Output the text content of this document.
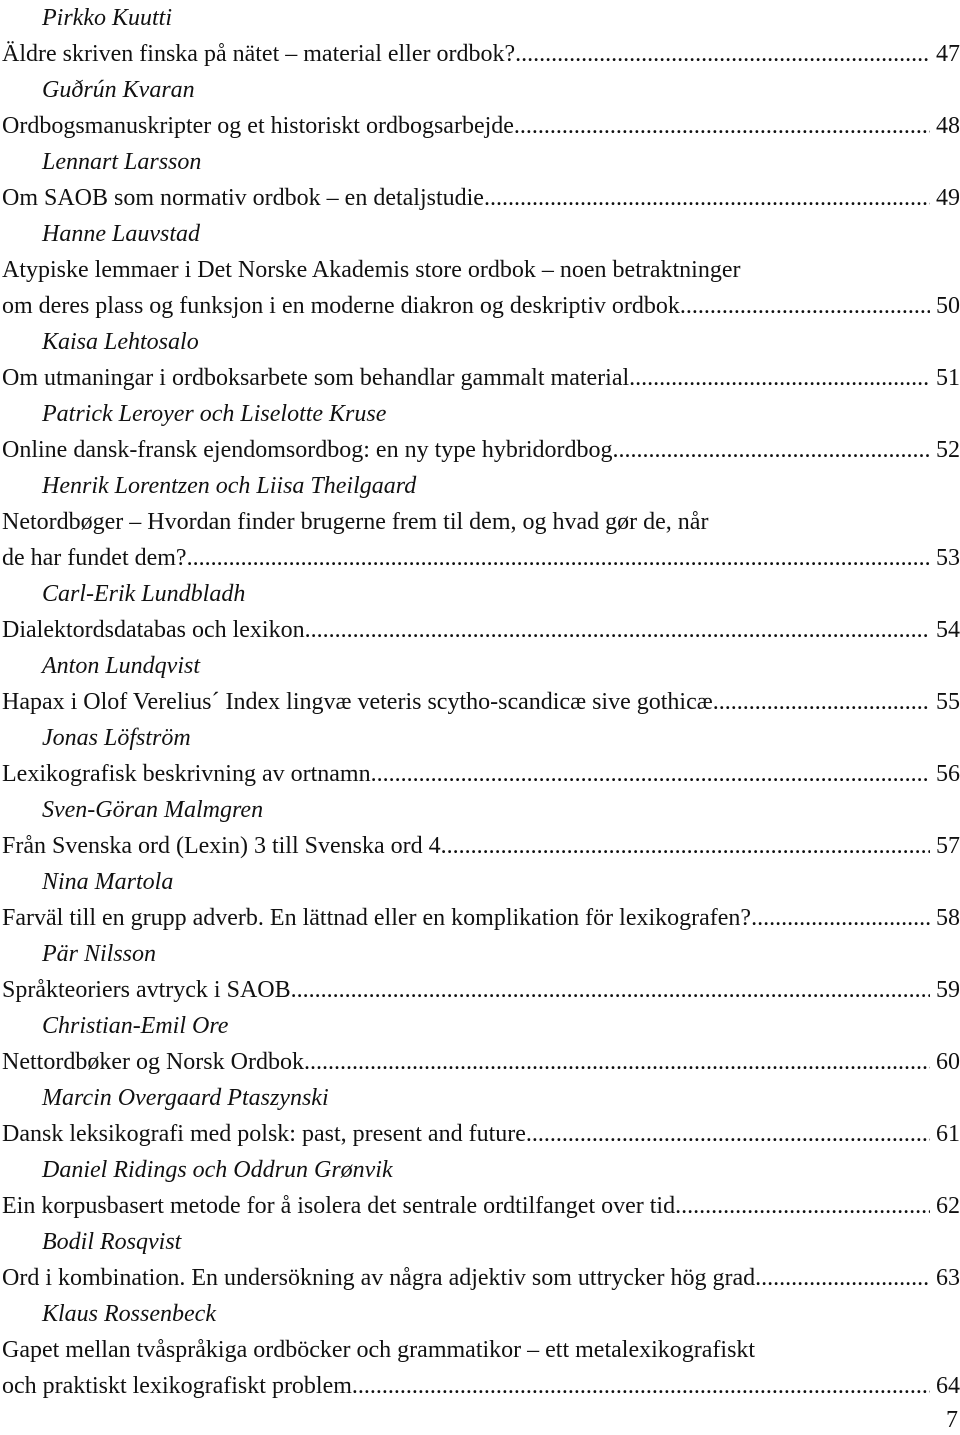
Pirkko Kuutti
Äldre skriven finska på nätet – material eller ordbok? .....	47
Guðrún Kvaran
Ordbogsmanuskripter og et historiskt ordbogsarbejde .....	48
Lennart Larsson
Om SAOB som normativ ordbok – en detaljstudie .....	49
Hanne Lauvstad
Atypiske lemmaer i Det Norske Akademis store ordbok – noen betraktninger
om deres plass og funksjon i en moderne diakron og deskriptiv ordbok .....	50
Kaisa Lehtosalo
Om utmaningar i ordboksarbete som behandlar gammalt material .....	51
Patrick Leroyer och Liselotte Kruse
Online dansk-fransk ejendomsordbog: en ny type hybridordbog .....	52
Henrik Lorentzen och Liisa Theilgaard
Netordbøger – Hvordan finder brugerne frem til dem, og hvad gør de, når
de har fundet dem? .....	53
Carl-Erik Lundbladh
Dialektordsdatabas och lexikon .....	54
Anton Lundqvist
Hapax i Olof Verelius´ Index lingvæ veteris scytho-scandicæ sive gothicæ .....	55
Jonas Löfström
Lexikografisk beskrivning av ortnamn .....	56
Sven-Göran Malmgren
Från Svenska ord (Lexin) 3 till Svenska ord 4 .....	57
Nina Martola
Farväl till en grupp adverb. En lättnad eller en komplikation för lexikografen? .....	58
Pär Nilsson
Språkteoriers avtryck i SAOB .....	59
Christian-Emil Ore
Nettordbøker og Norsk Ordbok .....	60
Marcin Overgaard Ptaszynski
Dansk leksikografi med polsk: past, present and future .....	61
Daniel Ridings och Oddrun Grønvik
Ein korpusbasert metode for å isolera det sentrale ordtilfanget over tid .....	62
Bodil Rosqvist
Ord i kombination. En undersökning av några adjektiv som uttrycker hög grad .....	63
Klaus Rossenbeck
Gapet mellan tvåspråkiga ordböcker och grammatikor – ett metalexikografiskt
och praktiskt lexikografiskt problem .....	64
7
